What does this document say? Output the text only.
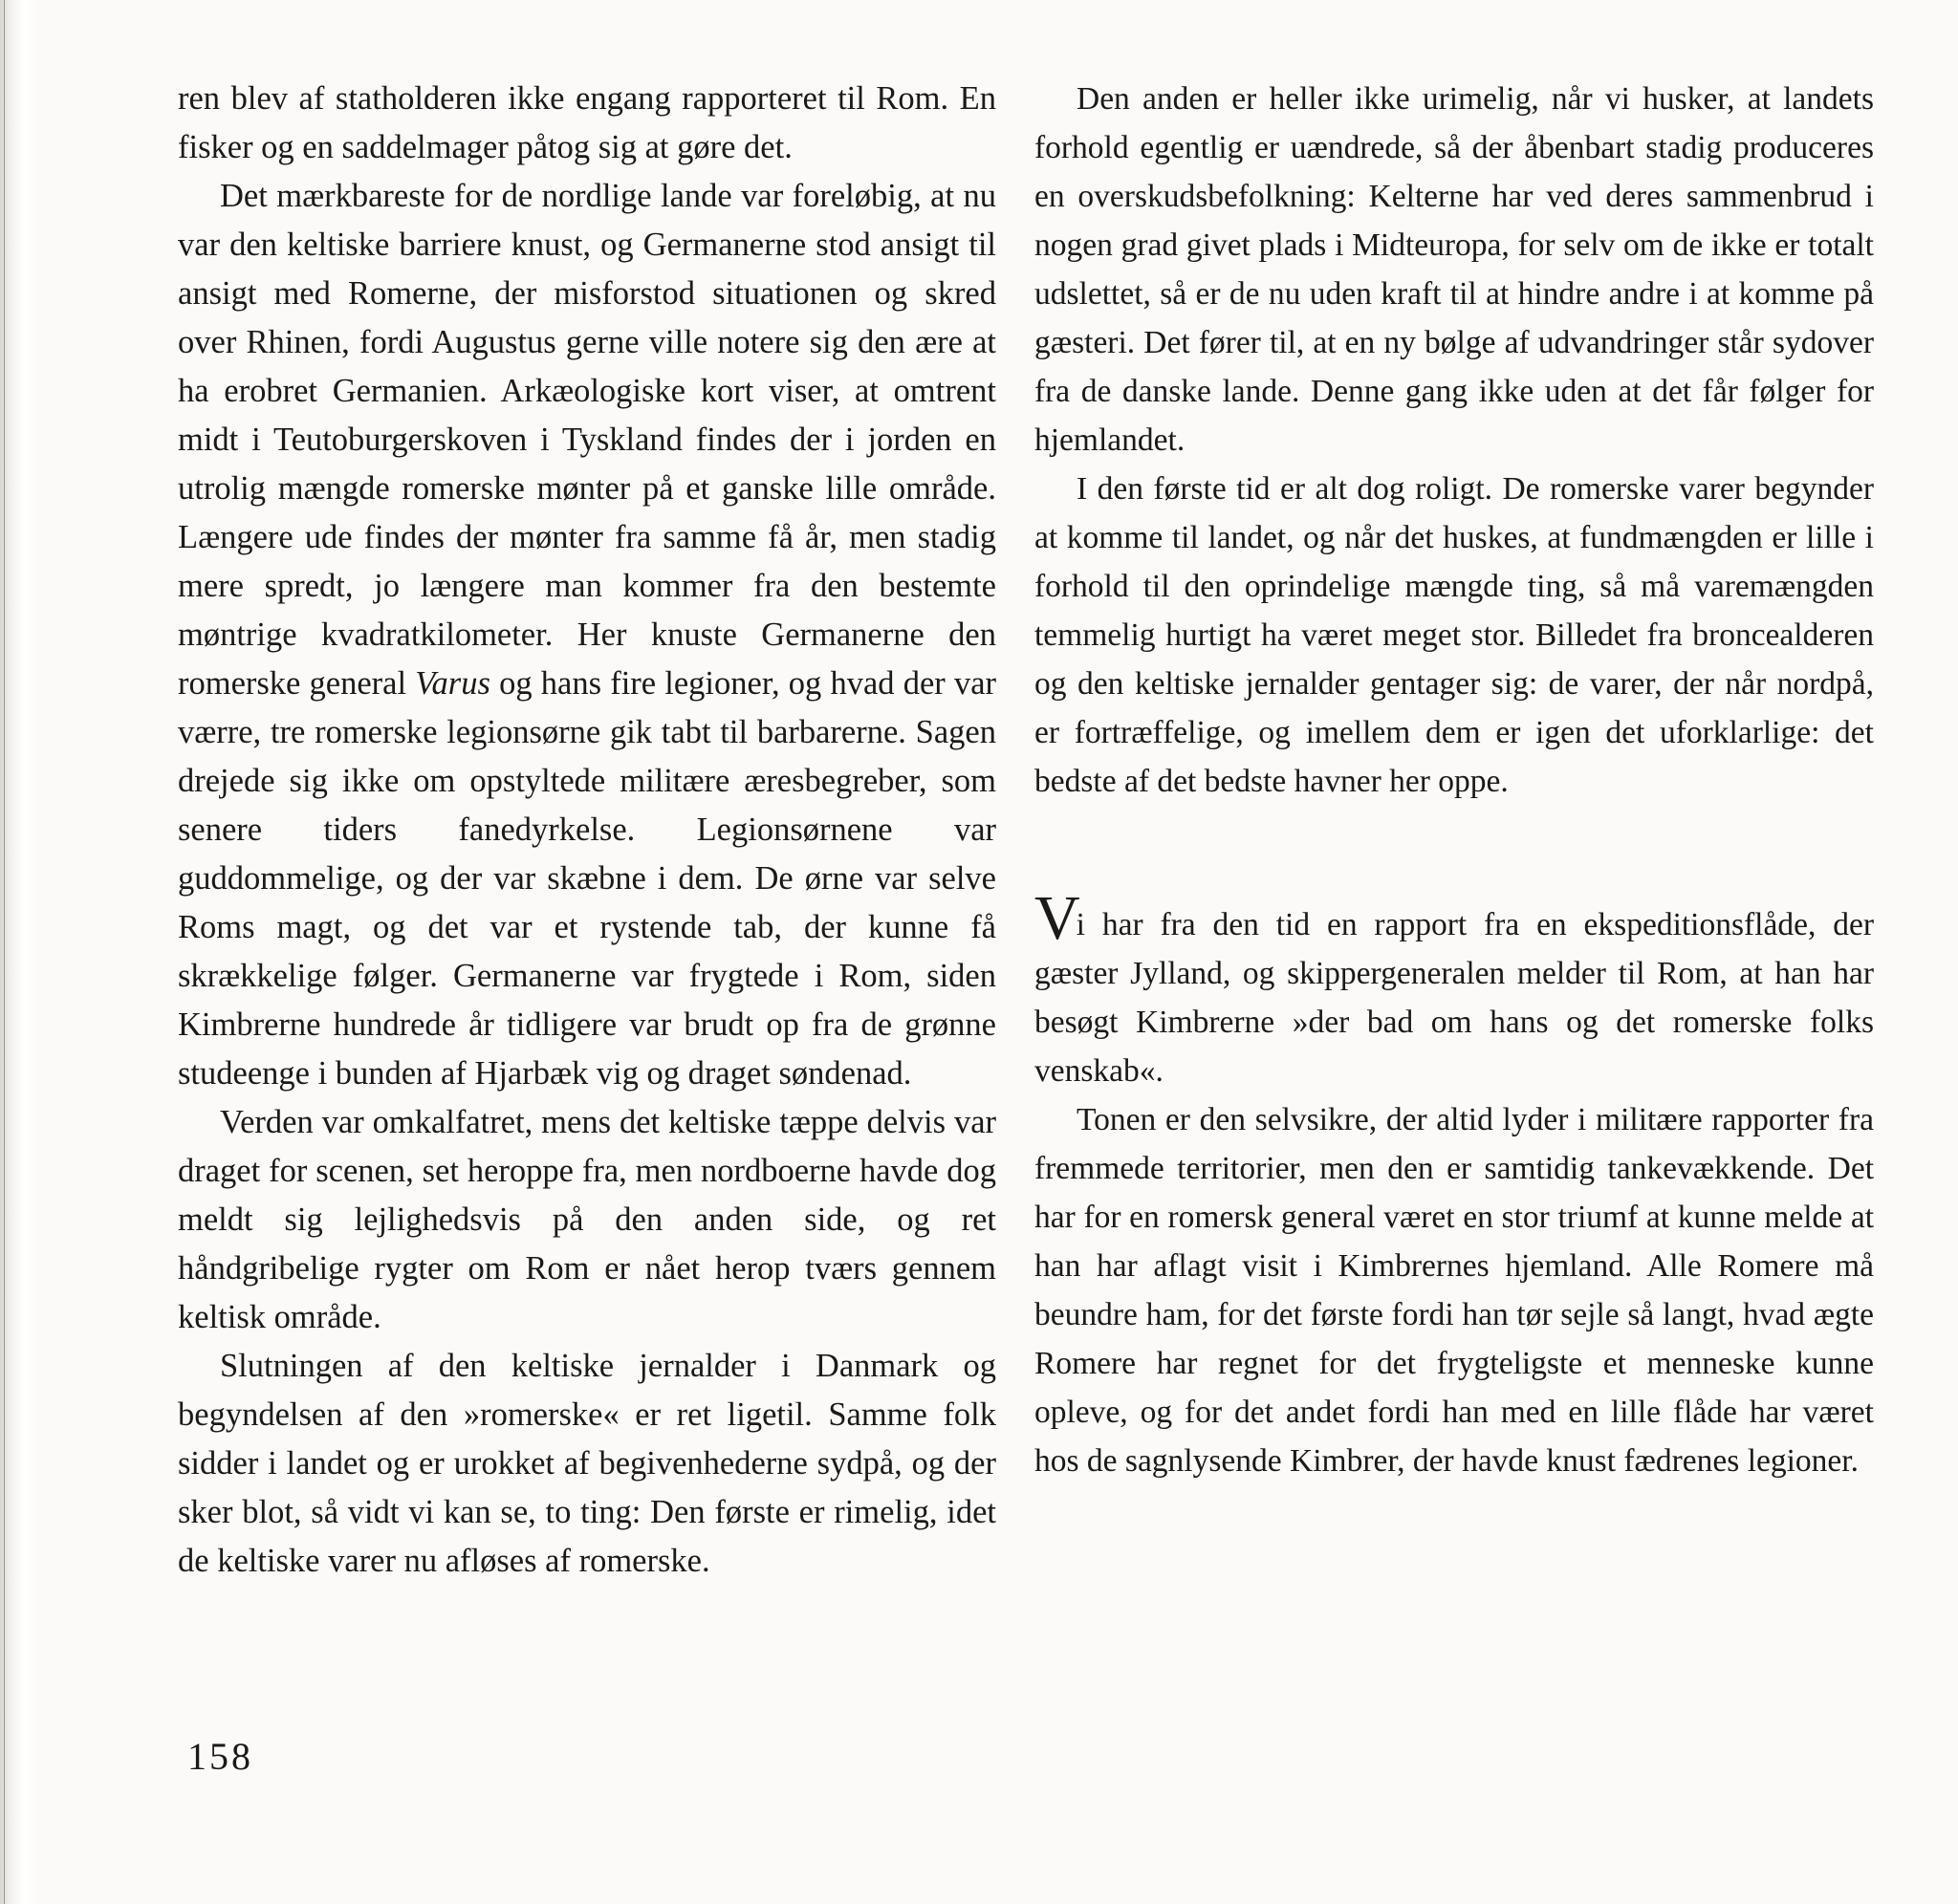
ren blev af statholderen ikke engang rapporteret til Rom. En fisker og en saddelmager påtog sig at gøre det.

Det mærkbareste for de nordlige lande var foreløbig, at nu var den keltiske barriere knust, og Germanerne stod ansigt til ansigt med Romerne, der misforstod situationen og skred over Rhinen, fordi Augustus gerne ville notere sig den ære at ha erobret Germanien. Arkæologiske kort viser, at omtrent midt i Teutoburgerskoven i Tyskland findes der i jorden en utrolig mængde romerske mønter på et ganske lille område. Længere ude findes der mønter fra samme få år, men stadig mere spredt, jo længere man kommer fra den bestemte møntrige kvadratkilometer. Her knuste Germanerne den romerske general Varus og hans fire legioner, og hvad der var værre, tre romerske legionsørne gik tabt til barbarerne. Sagen drejede sig ikke om opstyltede militære æresbegreber, som senere tiders fanedyrkelse. Legionsørnene var guddommelige, og der var skæbne i dem. De ørne var selve Roms magt, og det var et rystende tab, der kunne få skrækkelige følger. Germanerne var frygtede i Rom, siden Kimbrerne hundrede år tidligere var brudt op fra de grønne studeenge i bunden af Hjarbæk vig og draget søndenad.

Verden var omkalfatret, mens det keltiske tæppe delvis var draget for scenen, set heroppe fra, men nordboerne havde dog meldt sig lejlighedsvis på den anden side, og ret håndgribelige rygter om Rom er nået herop tværs gennem keltisk område.

Slutningen af den keltiske jernalder i Danmark og begyndelsen af den »romerske« er ret ligetil. Samme folk sidder i landet og er urokket af begivenhederne sydpå, og der sker blot, så vidt vi kan se, to ting: Den første er rimelig, idet de keltiske varer nu afløses af romerske.

Den anden er heller ikke urimelig, når vi husker, at landets forhold egentlig er uændrede, så der åbenbart stadig produceres en overskudsbefolkning: Kelterne har ved deres sammenbrud i nogen grad givet plads i Midteuropa, for selv om de ikke er totalt udslettet, så er de nu uden kraft til at hindre andre i at komme på gæsteri. Det fører til, at en ny bølge af udvandringer står sydover fra de danske lande. Denne gang ikke uden at det får følger for hjemlandet.

I den første tid er alt dog roligt. De romerske varer begynder at komme til landet, og når det huskes, at fundmængden er lille i forhold til den oprindelige mængde ting, så må varemængden temmelig hurtigt ha været meget stor. Billedet fra broncealderen og den keltiske jernalder gentager sig: de varer, der når nordpå, er fortræffelige, og imellem dem er igen det uforklarlige: det bedste af det bedste havner her oppe.

Vi har fra den tid en rapport fra en ekspeditionsflåde, der gæster Jylland, og skippergeneralen melder til Rom, at han har besøgt Kimbrerne »der bad om hans og det romerske folks venskab«.

Tonen er den selvsikre, der altid lyder i militære rapporter fra fremmede territorier, men den er samtidig tankevækkende. Det har for en romersk general været en stor triumf at kunne melde at han har aflagt visit i Kimbrernes hjemland. Alle Romere må beundre ham, for det første fordi han tør sejle så langt, hvad ægte Romere har regnet for det frygteligste et menneske kunne opleve, og for det andet fordi han med en lille flåde har været hos de sagnlysende Kimbrer, der havde knust fædrenes legioner.

158
